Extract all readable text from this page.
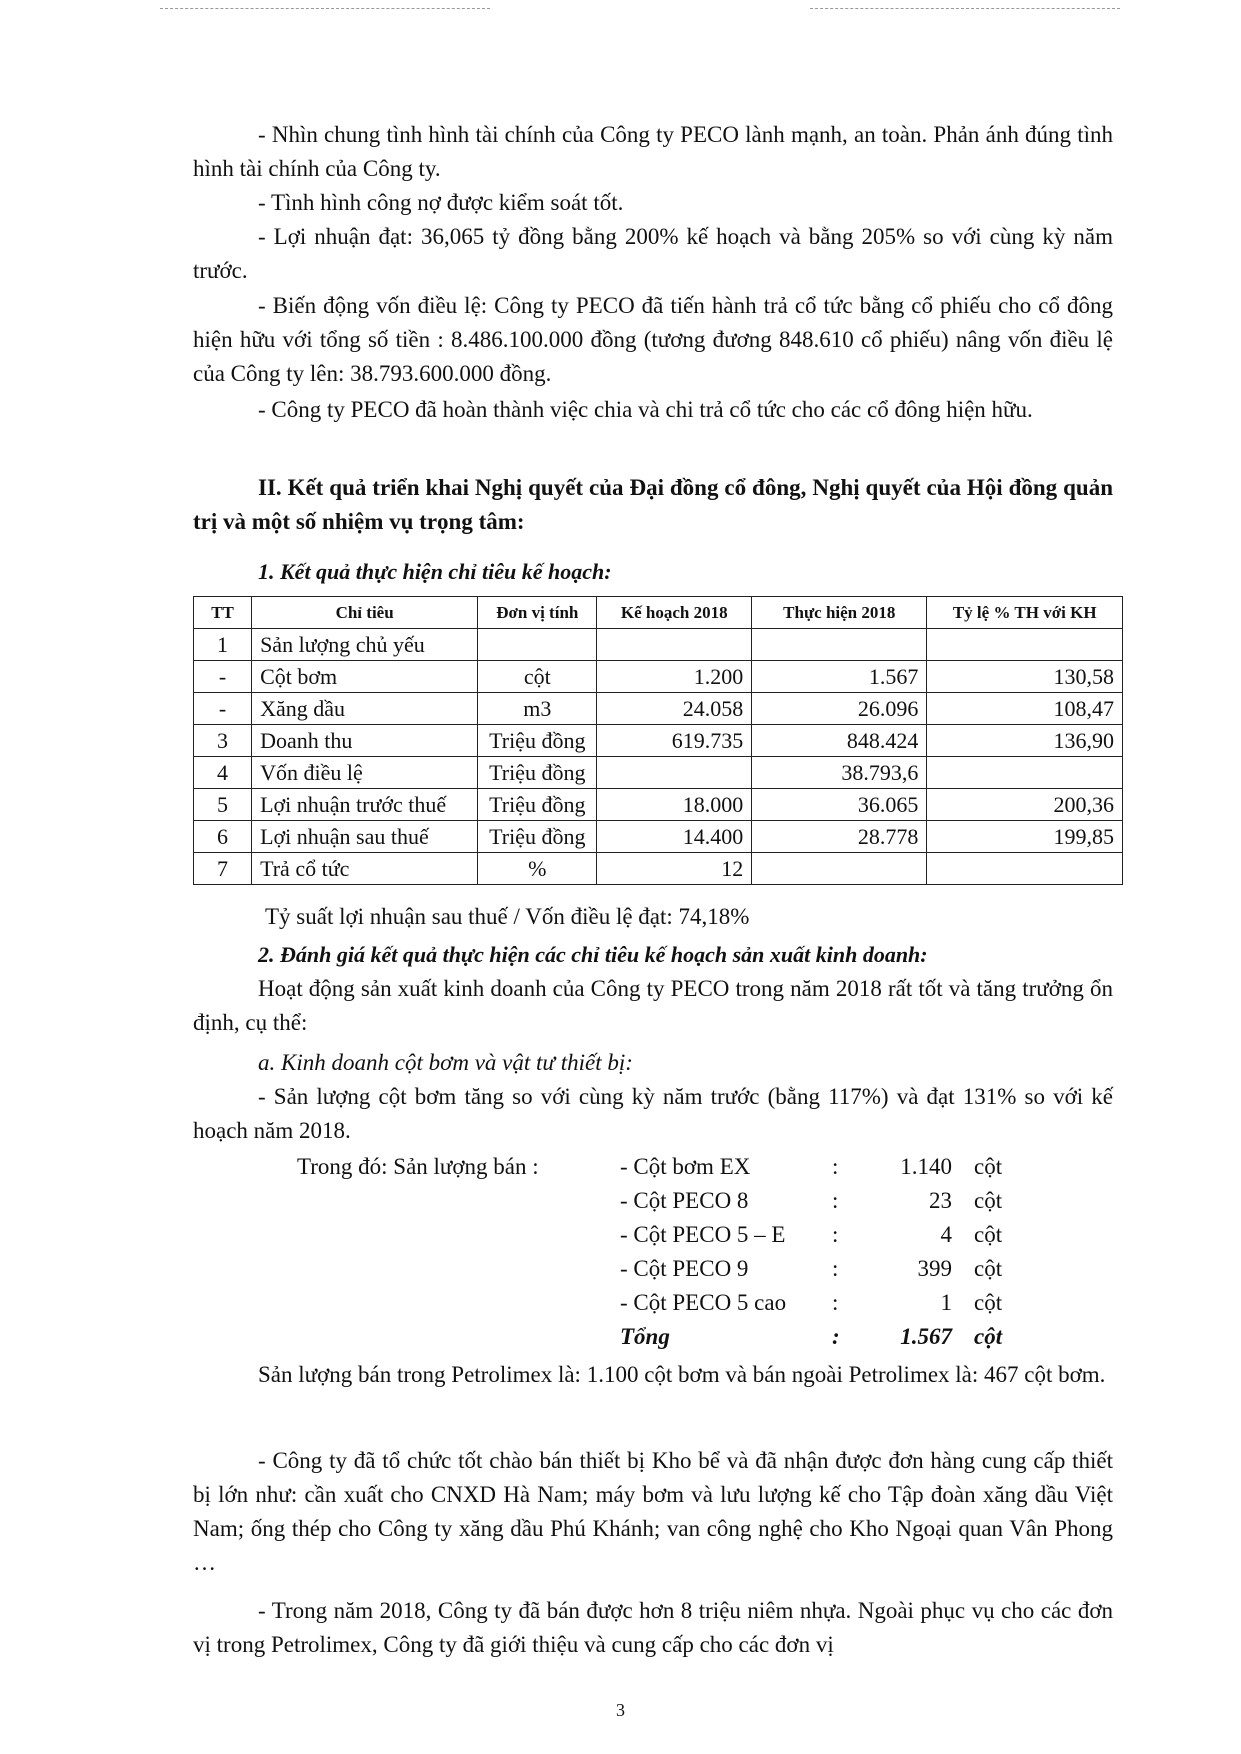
- Nhìn chung tình hình tài chính của Công ty PECO lành mạnh, an toàn. Phản ánh đúng tình hình tài chính của Công ty.

- Tình hình công nợ được kiểm soát tốt.

- Lợi nhuận đạt: 36,065 tỷ đồng bằng 200% kế hoạch và bằng 205% so với cùng kỳ năm trước.

- Biến động vốn điều lệ: Công ty PECO đã tiến hành trả cổ tức bằng cổ phiếu cho cổ đông hiện hữu với tổng số tiền : 8.486.100.000 đồng (tương đương 848.610 cổ phiếu) nâng vốn điều lệ của Công ty lên: 38.793.600.000 đồng.

- Công ty PECO đã hoàn thành việc chia và chi trả cổ tức cho các cổ đông hiện hữu.

II. Kết quả triển khai Nghị quyết của Đại đồng cổ đông, Nghị quyết của Hội đồng quản trị và một số nhiệm vụ trọng tâm:

1. Kết quả thực hiện chỉ tiêu kế hoạch:

TT	Chỉ tiêu	Đơn vị tính	Kế hoạch 2018	Thực hiện 2018	Tỷ lệ % TH với KH
1	Sản lượng chủ yếu				
-	Cột bơm	cột	1.200	1.567	130,58
-	Xăng dầu	m3	24.058	26.096	108,47
3	Doanh thu	Triệu đồng	619.735	848.424	136,90
4	Vốn điều lệ	Triệu đồng		38.793,6	
5	Lợi nhuận trước thuế	Triệu đồng	18.000	36.065	200,36
6	Lợi nhuận sau thuế	Triệu đồng	14.400	28.778	199,85
7	Trả cổ tức	%	12		

Tỷ suất lợi nhuận sau thuế / Vốn điều lệ đạt: 74,18%

2. Đánh giá kết quả thực hiện các chỉ tiêu kế hoạch sản xuất kinh doanh:

Hoạt động sản xuất kinh doanh của Công ty PECO trong năm 2018 rất tốt và tăng trưởng ổn định, cụ thể:

a. Kinh doanh cột bơm và vật tư thiết bị:

- Sản lượng cột bơm tăng so với cùng kỳ năm trước (bằng 117%) và đạt 131% so với kế hoạch năm 2018.

Trong đó: Sản lượng bán :	- Cột bơm EX	:	1.140 cột
- Cột PECO 8	:	23 cột
- Cột PECO 5 – E	:	4 cột
- Cột PECO 9	:	399 cột
- Cột PECO 5 cao	:	1 cột
Tổng	:	1.567 cột

Sản lượng bán trong Petrolimex là: 1.100 cột bơm và bán ngoài Petrolimex là: 467 cột bơm.

- Công ty đã tổ chức tốt chào bán thiết bị Kho bể và đã nhận được đơn hàng cung cấp thiết bị lớn như: cần xuất cho CNXD Hà Nam; máy bơm và lưu lượng kế cho Tập đoàn xăng dầu Việt Nam; ống thép cho Công ty xăng dầu Phú Khánh; van công nghệ cho Kho Ngoại quan Vân Phong …

- Trong năm 2018, Công ty đã bán được hơn 8 triệu niêm nhựa. Ngoài phục vụ cho các đơn vị trong Petrolimex, Công ty đã giới thiệu và cung cấp cho các đơn vị

3
